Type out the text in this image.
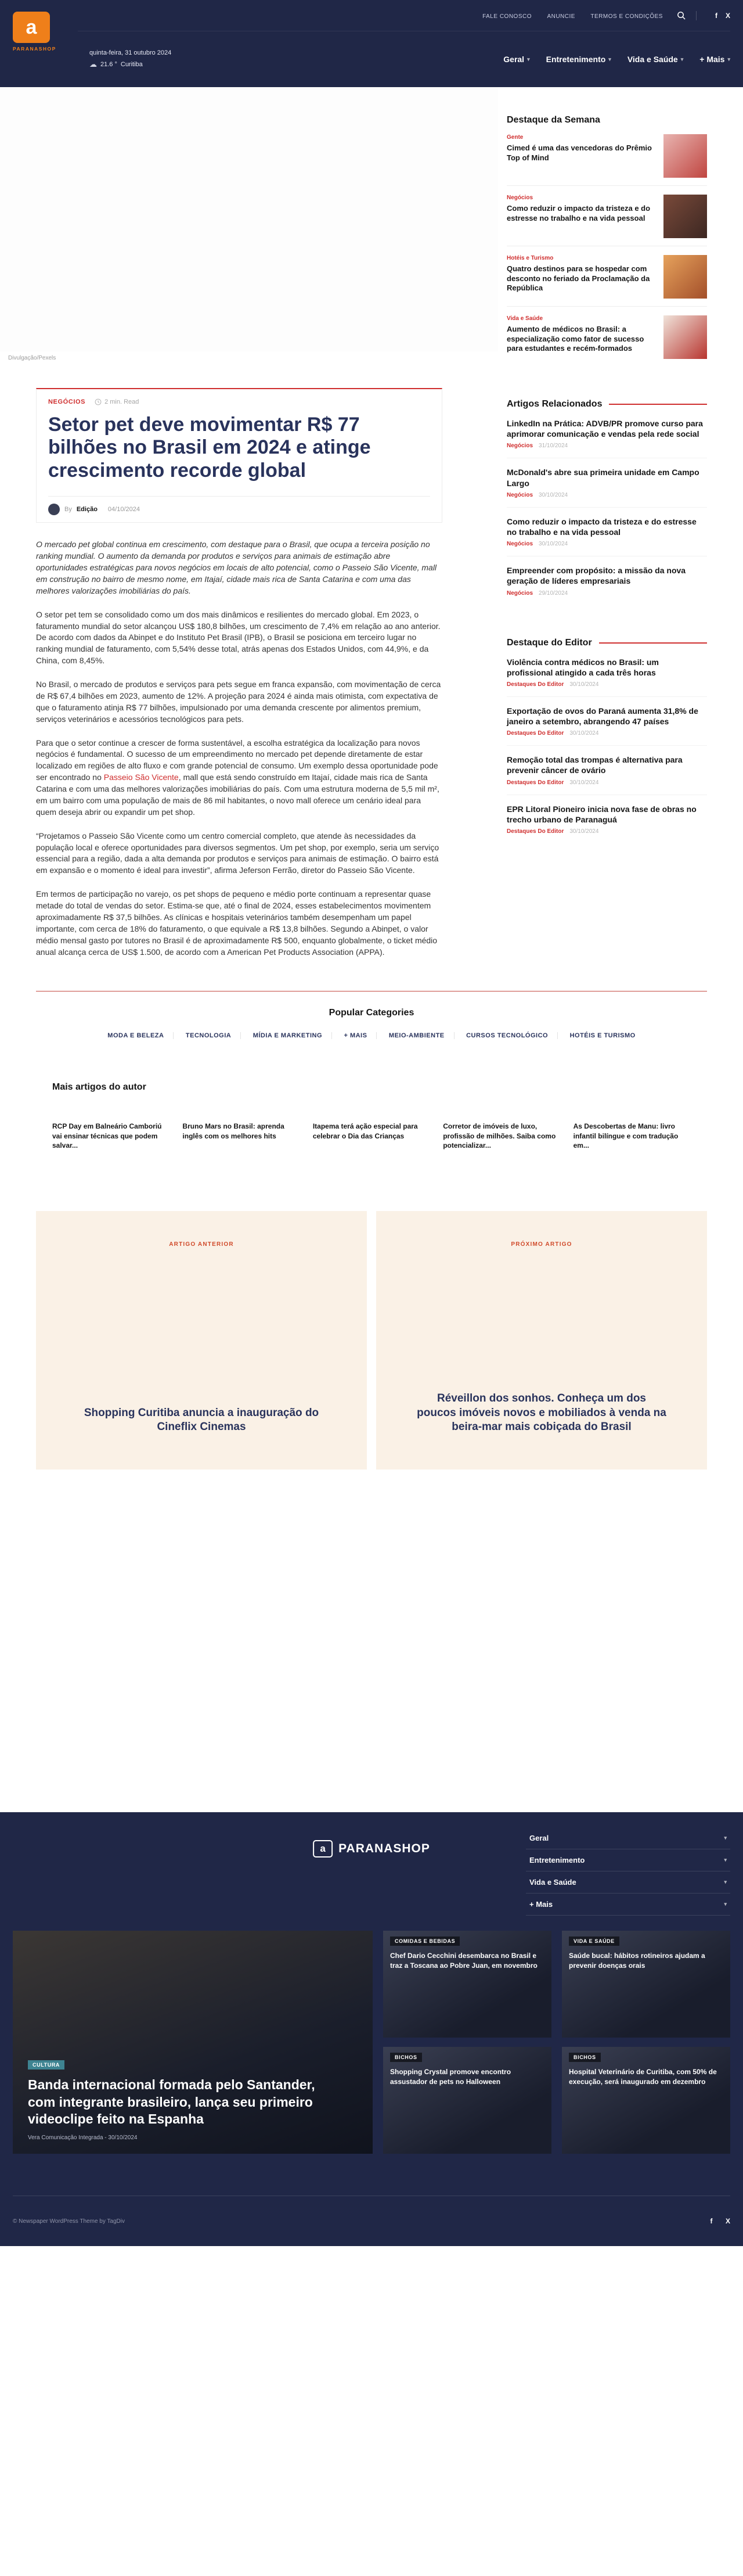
a
PARANASHOP
FALE CONOSCO	ANUNCIE	TERMOS E CONDIÇÕES	f X
quinta-feira, 31 outubro 2024
☁ 21.6 ° Curitiba
Geral ▾ Entretenimento ▾ Vida e Saúde ▾ + Mais ▾
Divulgação/Pexels
NEGÓCIOS	2 min. Read
Setor pet deve movimentar R$ 77 bilhões no Brasil em 2024 e atinge crescimento recorde global
By Edição 04/10/2024

O mercado pet global continua em crescimento, com destaque para o Brasil, que ocupa a terceira posição no ranking mundial. O aumento da demanda por produtos e serviços para animais de estimação abre oportunidades estratégicas para novos negócios em locais de alto potencial, como o Passeio São Vicente, mall em construção no bairro de mesmo nome, em Itajaí, cidade mais rica de Santa Catarina e com uma das melhores valorizações imobiliárias do país.

O setor pet tem se consolidado como um dos mais dinâmicos e resilientes do mercado global. Em 2023, o faturamento mundial do setor alcançou US$ 180,8 bilhões, um crescimento de 7,4% em relação ao ano anterior. De acordo com dados da Abinpet e do Instituto Pet Brasil (IPB), o Brasil se posiciona em terceiro lugar no ranking mundial de faturamento, com 5,54% desse total, atrás apenas dos Estados Unidos, com 44,9%, e da China, com 8,45%.

No Brasil, o mercado de produtos e serviços para pets segue em franca expansão, com movimentação de cerca de R$ 67,4 bilhões em 2023, aumento de 12%. A projeção para 2024 é ainda mais otimista, com expectativa de que o faturamento atinja R$ 77 bilhões, impulsionado por uma demanda crescente por alimentos premium, serviços veterinários e acessórios tecnológicos para pets.

Para que o setor continue a crescer de forma sustentável, a escolha estratégica da localização para novos negócios é fundamental. O sucesso de um empreendimento no mercado pet depende diretamente de estar localizado em regiões de alto fluxo e com grande potencial de consumo. Um exemplo dessa oportunidade pode ser encontrado no Passeio São Vicente, mall que está sendo construído em Itajaí, cidade mais rica de Santa Catarina e com uma das melhores valorizações imobiliárias do país. Com uma estrutura moderna de 5,5 mil m², em um bairro com uma população de mais de 86 mil habitantes, o novo mall oferece um cenário ideal para quem deseja abrir ou expandir um pet shop.

“Projetamos o Passeio São Vicente como um centro comercial completo, que atende às necessidades da população local e oferece oportunidades para diversos segmentos. Um pet shop, por exemplo, seria um serviço essencial para a região, dada a alta demanda por produtos e serviços para animais de estimação. O bairro está em expansão e o momento é ideal para investir”, afirma Jeferson Ferrão, diretor do Passeio São Vicente.

Em termos de participação no varejo, os pet shops de pequeno e médio porte continuam a representar quase metade do total de vendas do setor. Estima-se que, até o final de 2024, esses estabelecimentos movimentem aproximadamente R$ 37,5 bilhões. As clínicas e hospitais veterinários também desempenham um papel importante, com cerca de 18% do faturamento, o que equivale a R$ 13,8 bilhões. Segundo a Abinpet, o valor médio mensal gasto por tutores no Brasil é de aproximadamente R$ 500, enquanto globalmente, o ticket médio anual alcança cerca de US$ 1.500, de acordo com a American Pet Products Association (APPA).

Destaque da Semana
Gente
Cimed é uma das vencedoras do Prêmio Top of Mind
Negócios
Como reduzir o impacto da tristeza e do estresse no trabalho e na vida pessoal
Hotéis e Turismo
Quatro destinos para se hospedar com desconto no feriado da Proclamação da República
Vida e Saúde
Aumento de médicos no Brasil: a especialização como fator de sucesso para estudantes e recém-formados
Artigos Relacionados
LinkedIn na Prática: ADVB/PR promove curso para aprimorar comunicação e vendas pela rede social
Negócios 31/10/2024
McDonald's abre sua primeira unidade em Campo Largo
Negócios 30/10/2024
Como reduzir o impacto da tristeza e do estresse no trabalho e na vida pessoal
Negócios 30/10/2024
Empreender com propósito: a missão da nova geração de líderes empresariais
Negócios 29/10/2024
Destaque do Editor
Violência contra médicos no Brasil: um profissional atingido a cada três horas
Destaques Do Editor 30/10/2024
Exportação de ovos do Paraná aumenta 31,8% de janeiro a setembro, abrangendo 47 países
Destaques Do Editor 30/10/2024
Remoção total das trompas é alternativa para prevenir câncer de ovário
Destaques Do Editor 30/10/2024
EPR Litoral Pioneiro inicia nova fase de obras no trecho urbano de Paranaguá
Destaques Do Editor 30/10/2024
Popular Categories
MODA E BELEZA	TECNOLOGIA	MÍDIA E MARKETING	+ MAIS	MEIO-AMBIENTE	CURSOS TECNOLÓGICO	HOTÉIS E TURISMO
Mais artigos do autor
RCP Day em Balneário Camboriú vai ensinar técnicas que podem salvar...
Bruno Mars no Brasil: aprenda inglês com os melhores hits
Itapema terá ação especial para celebrar o Dia das Crianças
Corretor de imóveis de luxo, profissão de milhões. Saiba como potencializar...
As Descobertas de Manu: livro infantil bilíngue e com tradução em...
ARTIGO ANTERIOR
Shopping Curitiba anuncia a inauguração do Cineflix Cinemas
PRÓXIMO ARTIGO
Réveillon dos sonhos. Conheça um dos poucos imóveis novos e mobiliados à venda na beira-mar mais cobiçada do Brasil
a	PARANASHOP
Geral	▾
Entretenimento	▾
Vida e Saúde	▾
+ Mais	▾
CULTURA
Banda internacional formada pelo Santander, com integrante brasileiro, lança seu primeiro videoclipe feito na Espanha
Vera Comunicação Integrada - 30/10/2024
COMIDAS E BEBIDAS
Chef Dario Cecchini desembarca no Brasil e traz a Toscana ao Pobre Juan, em novembro
VIDA E SAÚDE
Saúde bucal: hábitos rotineiros ajudam a prevenir doenças orais
BICHOS
Shopping Crystal promove encontro assustador de pets no Halloween
BICHOS
Hospital Veterinário de Curitiba, com 50% de execução, será inaugurado em dezembro
© Newspaper WordPress Theme by TagDiv	f X
